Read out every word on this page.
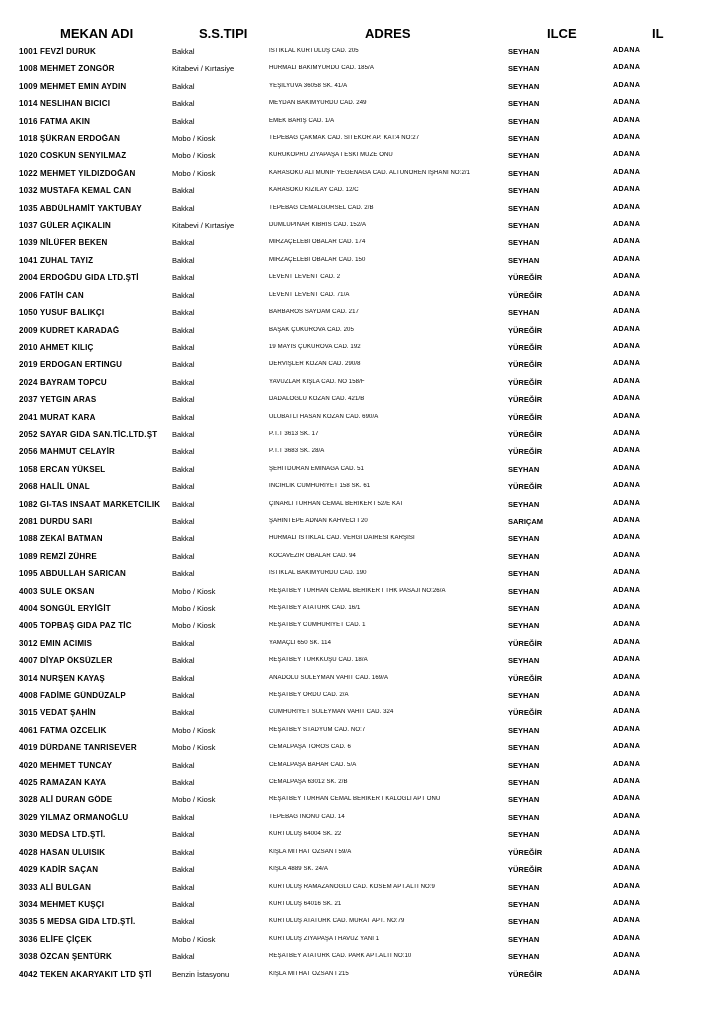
MEKAN ADI	S.S.TIPI	ADRES	ILCE	IL
1001 FEVZİ DURUK	Bakkal	İSTİKLAL KURTULUŞ CAD. 205	SEYHAN	ADANA
1008 MEHMET ZONGÖR	Kitabevi / Kırtasiye	HURMALI BAKIMYURDU CAD. 185/A	SEYHAN	ADANA
1009 MEHMET EMIN AYDIN	Bakkal	YEŞİLYUVA 36058 SK. 41/A	SEYHAN	ADANA
1014 NESLIHAN BICICI	Bakkal	MEYDAN BAKIMYURDU CAD. 249	SEYHAN	ADANA
1016 FATMA AKIN	Bakkal	EMEK BARIŞ CAD. 1/A	SEYHAN	ADANA
1018 ŞÜKRAN ERDOĞAN	Mobo / Kiosk	TEPEBAĞ ÇAKMAK CAD. SITEKOR AP. KAT:4 NO:27	SEYHAN	ADANA
1020 COSKUN SENYILMAZ	Mobo / Kiosk	KURUKÖPRÜ ZİYAPAŞA I ESKİ MÜZE ÖNÜ	SEYHAN	ADANA
1022 MEHMET YILDIZDOĞAN	Mobo / Kiosk	KARASOKU ALİ MÜNİF YEGENAĞA CAD. ALTUNÖREN İŞHANI NO:2/1	SEYHAN	ADANA
1032 MUSTAFA KEMAL CAN	Bakkal	KARASOKU KIZILAY CAD. 12/C	SEYHAN	ADANA
1035 ABDÜLHAMİT YAKTUBAY	Bakkal	TEPEBAĞ CEMALGÜRSEL CAD. 2/B	SEYHAN	ADANA
1037 GÜLER AÇIKALIN	Kitabevi / Kırtasiye	DUMLUPINAR KIBRIS CAD. 152/A	SEYHAN	ADANA
1039 NİLÜFER BEKEN	Bakkal	MİRZAÇELEBİ OBALAR CAD. 174	SEYHAN	ADANA
1041 ZUHAL TAYIZ	Bakkal	MİRZAÇELEBİ OBALAR CAD. 150	SEYHAN	ADANA
2004 ERDOĞDU GIDA LTD.ŞTİ	Bakkal	LEVENT LEVENT CAD. 2	YÜREĞİR	ADANA
2006 FATİH CAN	Bakkal	LEVENT LEVENT CAD. 71/A	YÜREĞİR	ADANA
1050 YUSUF BALIKÇI	Bakkal	BARBAROS SAYDAM CAD. 217	SEYHAN	ADANA
2009 KUDRET KARADAĞ	Bakkal	BAŞAK ÇUKUROVA CAD. 205	YÜREĞİR	ADANA
2010 AHMET KILIÇ	Bakkal	19 MAYIS ÇUKUROVA CAD. 192	YÜREĞİR	ADANA
2019 ERDOGAN ERTINGU	Bakkal	DERVİŞLER KOZAN CAD. 290/8	YÜREĞİR	ADANA
2024 BAYRAM TOPCU	Bakkal	YAVUZLAR KIŞLA CAD. NO 158/F	YÜREĞİR	ADANA
2037 YETGIN ARAS	Bakkal	DADALOĞLU KOZAN CAD. 421/B	YÜREĞİR	ADANA
2041 MURAT KARA	Bakkal	ULUBATLI HASAN KOZAN CAD. 690/A	YÜREĞİR	ADANA
2052 SAYAR GIDA SAN.TİC.LTD.ŞT	Bakkal	P.T.T 3613 SK. 17	YÜREĞİR	ADANA
2056 MAHMUT CELAYİR	Bakkal	P.T.T 3683 SK. 28/A	YÜREĞİR	ADANA
1058 ERCAN YÜKSEL	Bakkal	ŞEHİTDURAN EMİNAĞA CAD. 51	SEYHAN	ADANA
2068 HALİL ÜNAL	Bakkal	İNCİRLİK CUMHURİYET 158 SK. 61	YÜREĞİR	ADANA
1082 GI-TAS INSAAT MARKETCILIK	Bakkal	ÇINARLI TURHAN CEMAL BERİKER I 52/E KAT	SEYHAN	ADANA
2081 DURDU SARI	Bakkal	ŞAHİNTEPE ADNAN KAHVECİ I 20	SARIÇAM	ADANA
1088 ZEKAİ BATMAN	Bakkal	HURMALI İSTİKLAL CAD. VERGİ DAİRESİ KARŞISI	SEYHAN	ADANA
1089 REMZİ ZÜHRE	Bakkal	KOCAVEZİR OBALAR CAD. 94	SEYHAN	ADANA
1095 ABDULLAH SARICAN	Bakkal	İSTİKLAL BAKIMYURDU CAD. 190	SEYHAN	ADANA
4003 SULE OKSAN	Mobo / Kiosk	REŞATBEY TURHAN CEMAL BERİKER I THK PASAJI NO:26/A	SEYHAN	ADANA
4004 SONGÜL ERYİĞİT	Mobo / Kiosk	REŞATBEY ATATÜRK CAD. 16/1	SEYHAN	ADANA
4005 TOPBAŞ GIDA PAZ TİC	Mobo / Kiosk	REŞATBEY CUMHURİYET CAD. 1	SEYHAN	ADANA
3012 EMIN ACIMIS	Bakkal	YAMAÇLI 650 SK. 114	YÜREĞİR	ADANA
4007 DİYAP ÖKSÜZLER	Bakkal	REŞATBEY TÜRKKUŞU CAD. 18/A	SEYHAN	ADANA
3014 NURŞEN KAYAŞ	Bakkal	ANADOLU SÜLEYMAN VAHİT CAD. 169/A	YÜREĞİR	ADANA
4008 FADİME GÜNDÜZALP	Bakkal	REŞATBEY ORDU CAD. 2/A	SEYHAN	ADANA
3015 VEDAT ŞAHİN	Bakkal	CUMHURİYET SÜLEYMAN VAHİT CAD. 324	YÜREĞİR	ADANA
4061 FATMA OZCELIK	Mobo / Kiosk	REŞATBEY STADYUM CAD. NO:7	SEYHAN	ADANA
4019 DÜRDANE TANRISEVER	Mobo / Kiosk	CEMALPAŞA TOROS CAD. 6	SEYHAN	ADANA
4020 MEHMET TUNCAY	Bakkal	CEMALPAŞA BAHAR CAD. 5/A	SEYHAN	ADANA
4025 RAMAZAN KAYA	Bakkal	CEMALPAŞA 63012 SK. 2/B	SEYHAN	ADANA
3028 ALİ DURAN GÖDE	Mobo / Kiosk	REŞATBEY TURHAN CEMAL BERİKER I KALOĞLI APT ONU	SEYHAN	ADANA
3029 YILMAZ ORMANOĞLU	Bakkal	TEPEBAĞ İNÖNÜ CAD. 14	SEYHAN	ADANA
3030 MEDSA LTD.ŞTİ.	Bakkal	KURTULUŞ 64004 SK. 22	SEYHAN	ADANA
4028 HASAN ULUISIK	Bakkal	KIŞLA MİTHAT ÖZSAN I 59/A	YÜREĞİR	ADANA
4029 KADİR SAÇAN	Bakkal	KIŞLA 4889 SK. 24/A	YÜREĞİR	ADANA
3033 ALİ BULGAN	Bakkal	KURTULUŞ RAMAZANOĞLU CAD. KOSEM APT.ALTI NO:9	SEYHAN	ADANA
3034 MEHMET KUŞÇI	Bakkal	KURTULUŞ 64016 SK. 21	SEYHAN	ADANA
3035 5 MEDSA GIDA LTD.ŞTİ.	Bakkal	KURTULUŞ ATATÜRK CAD. MURAT APT. NO:79	SEYHAN	ADANA
3036 ELİFE ÇİÇEK	Mobo / Kiosk	KURTULUŞ ZİYAPAŞA I HAVUZ YANI 1	SEYHAN	ADANA
3038 ÖZCAN ŞENTÜRK	Bakkal	REŞATBEY ATATÜRK CAD. PARK APT.ALTI NO:10	SEYHAN	ADANA
4042 TEKEN AKARYAKIT LTD ŞTİ	Benzin İstasyonu	KIŞLA MİTHAT ÖZSAN I 215	YÜREĞİR	ADANA
